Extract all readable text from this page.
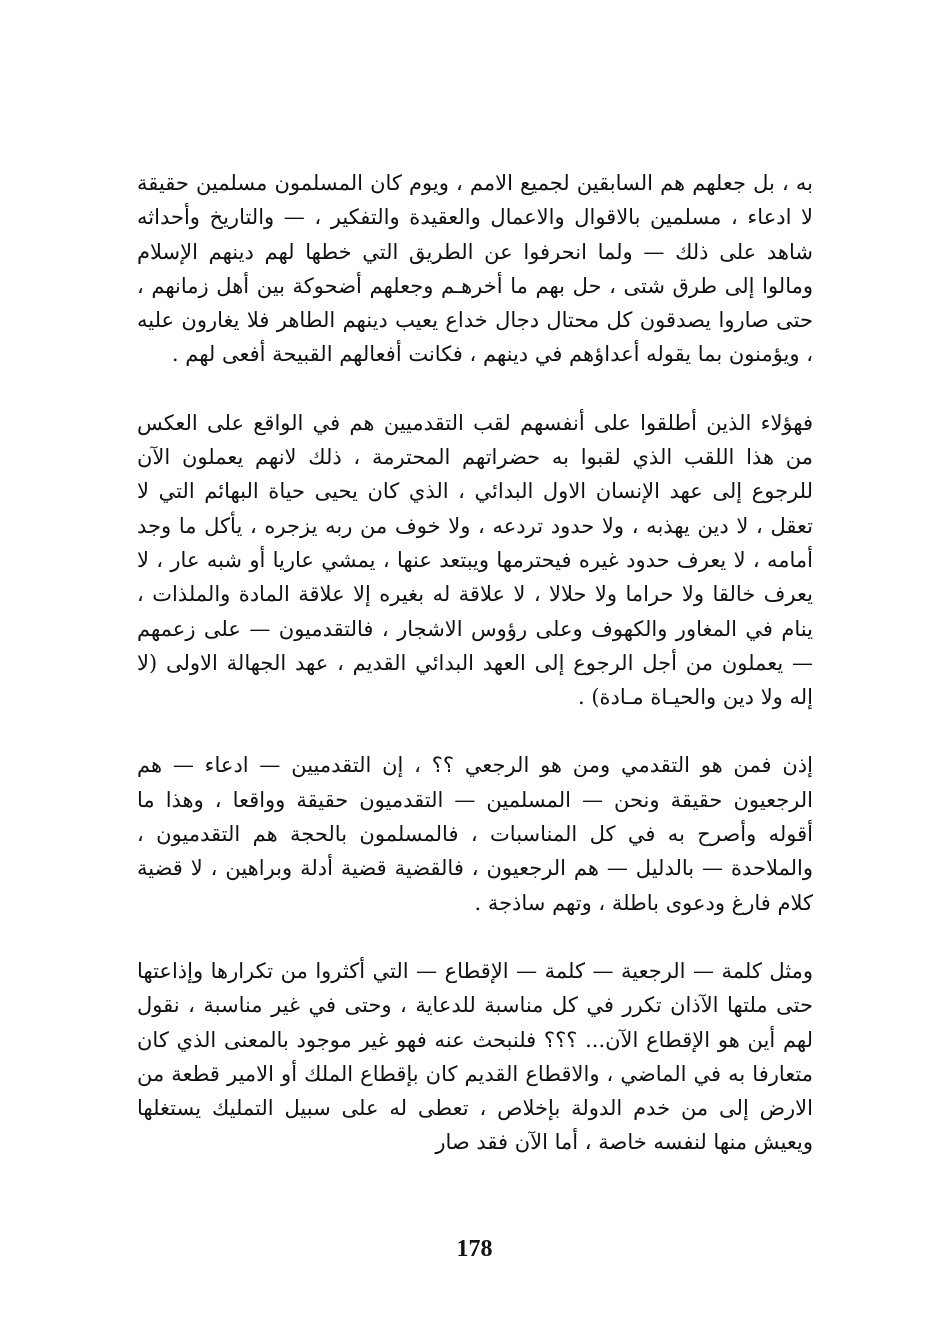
به ، بل جعلهم هم السابقين لجميع الامم ، ويوم كان المسلمون مسلمين حقيقة لا ادعاء ، مسلمين بالاقوال والاعمال والعقيدة والتفكير ، — والتاريخ وأحداثه شاهد على ذلك — ولما انحرفوا عن الطريق التي خطها لهم دينهم الإسلام ومالوا إلى طرق شتى ، حل بهم ما أخرهـم وجعلهم أضحوكة بين أهل زمانهم ، حتى صاروا يصدقون كل محتال دجال خداع يعيب دينهم الطاهر فلا يغارون عليه ، ويؤمنون بما يقوله أعداؤهم في دينهم ، فكانت أفعالهم القبيحة أفعى لهم .

فهؤلاء الذين أطلقوا على أنفسهم لقب التقدميين هم في الواقع على العكس من هذا اللقب الذي لقبوا به حضراتهم المحترمة ، ذلك لانهم يعملون الآن للرجوع إلى عهد الإنسان الاول البدائي ، الذي كان يحيى حياة البهائم التي لا تعقل ، لا دين يهذبه ، ولا حدود تردعه ، ولا خوف من ربه يزجره ، يأكل ما وجد أمامه ، لا يعرف حدود غيره فيحترمها ويبتعد عنها ، يمشي عاريا أو شبه عار ، لا يعرف خالقا ولا حراما ولا حلالا ، لا علاقة له بغيره إلا علاقة المادة والملذات ، ينام في المغاور والكهوف وعلى رؤوس الاشجار ، فالتقدميون — على زعمهم — يعملون من أجل الرجوع إلى العهد البدائي القديم ، عهد الجهالة الاولى (لا إله ولا دين والحيـاة مـادة) .

إذن فمن هو التقدمي ومن هو الرجعي ؟؟ ، إن التقدميين — ادعاء — هم الرجعيون حقيقة ونحن — المسلمين — التقدميون حقيقة وواقعا ، وهذا ما أقوله وأصرح به في كل المناسبات ، فالمسلمون بالحجة هم التقدميون ، والملاحدة — بالدليل — هم الرجعيون ، فالقضية قضية أدلة وبراهين ، لا قضية كلام فارغ ودعوى باطلة ، وتهم ساذجة .

ومثل كلمة — الرجعية — كلمة — الإقطاع — التي أكثروا من تكرارها وإذاعتها حتى ملتها الآذان تكرر في كل مناسبة للدعاية ، وحتى في غير مناسبة ، نقول لهم أين هو الإقطاع الآن... ؟؟؟ فلنبحث عنه فهو غير موجود بالمعنى الذي كان متعارفا به في الماضي ، والاقطاع القديم كان بإقطاع الملك أو الامير قطعة من الارض إلى من خدم الدولة بإخلاص ، تعطى له على سبيل التمليك يستغلها ويعيش منها لنفسه خاصة ، أما الآن فقد صار

178
